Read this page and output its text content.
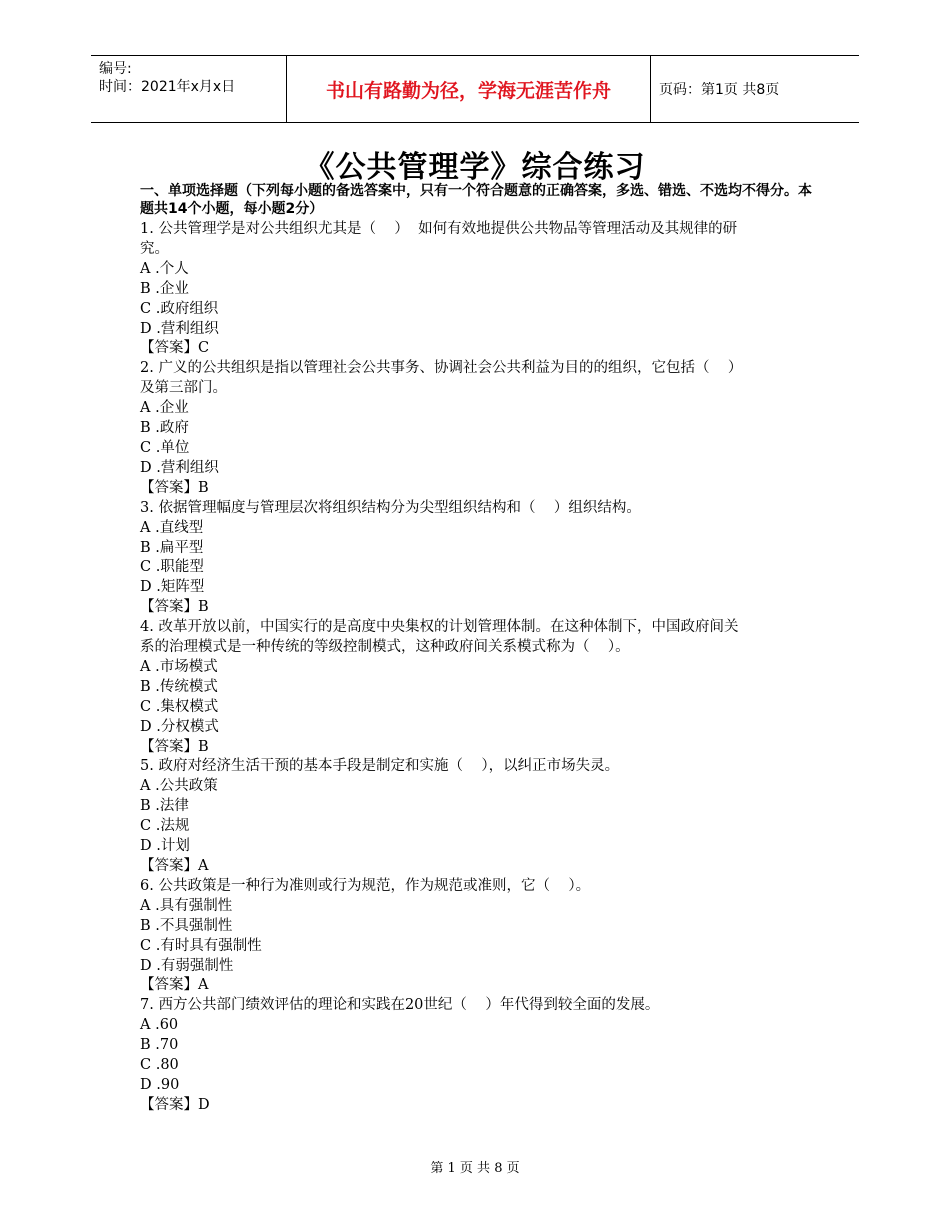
编号:
时间：2021年x月x日	书山有路勤为径，学海无涯苦作舟	页码：第1页 共8页
《公共管理学》综合练习
一、单项选择题（下列每小题的备选答案中，只有一个符合题意的正确答案，多选、错选、不选均不得分。本题共14个小题，每小题2分）
1. 公共管理学是对公共组织尤其是（    ）  如何有效地提供公共物品等管理活动及其规律的研
究。
A .个人
B .企业
C .政府组织
D .营利组织
【答案】C
2. 广义的公共组织是指以管理社会公共事务、协调社会公共利益为目的的组织，它包括（    ）
及第三部门。
A .企业
B .政府
C .单位
D .营利组织
【答案】B
3. 依据管理幅度与管理层次将组织结构分为尖型组织结构和（    ）组织结构。
A .直线型
B .扁平型
C .职能型
D .矩阵型
【答案】B
4. 改革开放以前，中国实行的是高度中央集权的计划管理体制。在这种体制下，中国政府间关
系的治理模式是一种传统的等级控制模式，这种政府间关系模式称为（    ）。
A .市场模式
B .传统模式
C .集权模式
D .分权模式
【答案】B
5. 政府对经济生活干预的基本手段是制定和实施（    ），以纠正市场失灵。
A .公共政策
B .法律
C .法规
D .计划
【答案】A
6. 公共政策是一种行为准则或行为规范，作为规范或准则，它（    ）。
A .具有强制性
B .不具强制性
C .有时具有强制性
D .有弱强制性
【答案】A
7. 西方公共部门绩效评估的理论和实践在20世纪（    ）年代得到较全面的发展。
A .60
B .70
C .80
D .90
【答案】D
第 1 页 共 8 页
